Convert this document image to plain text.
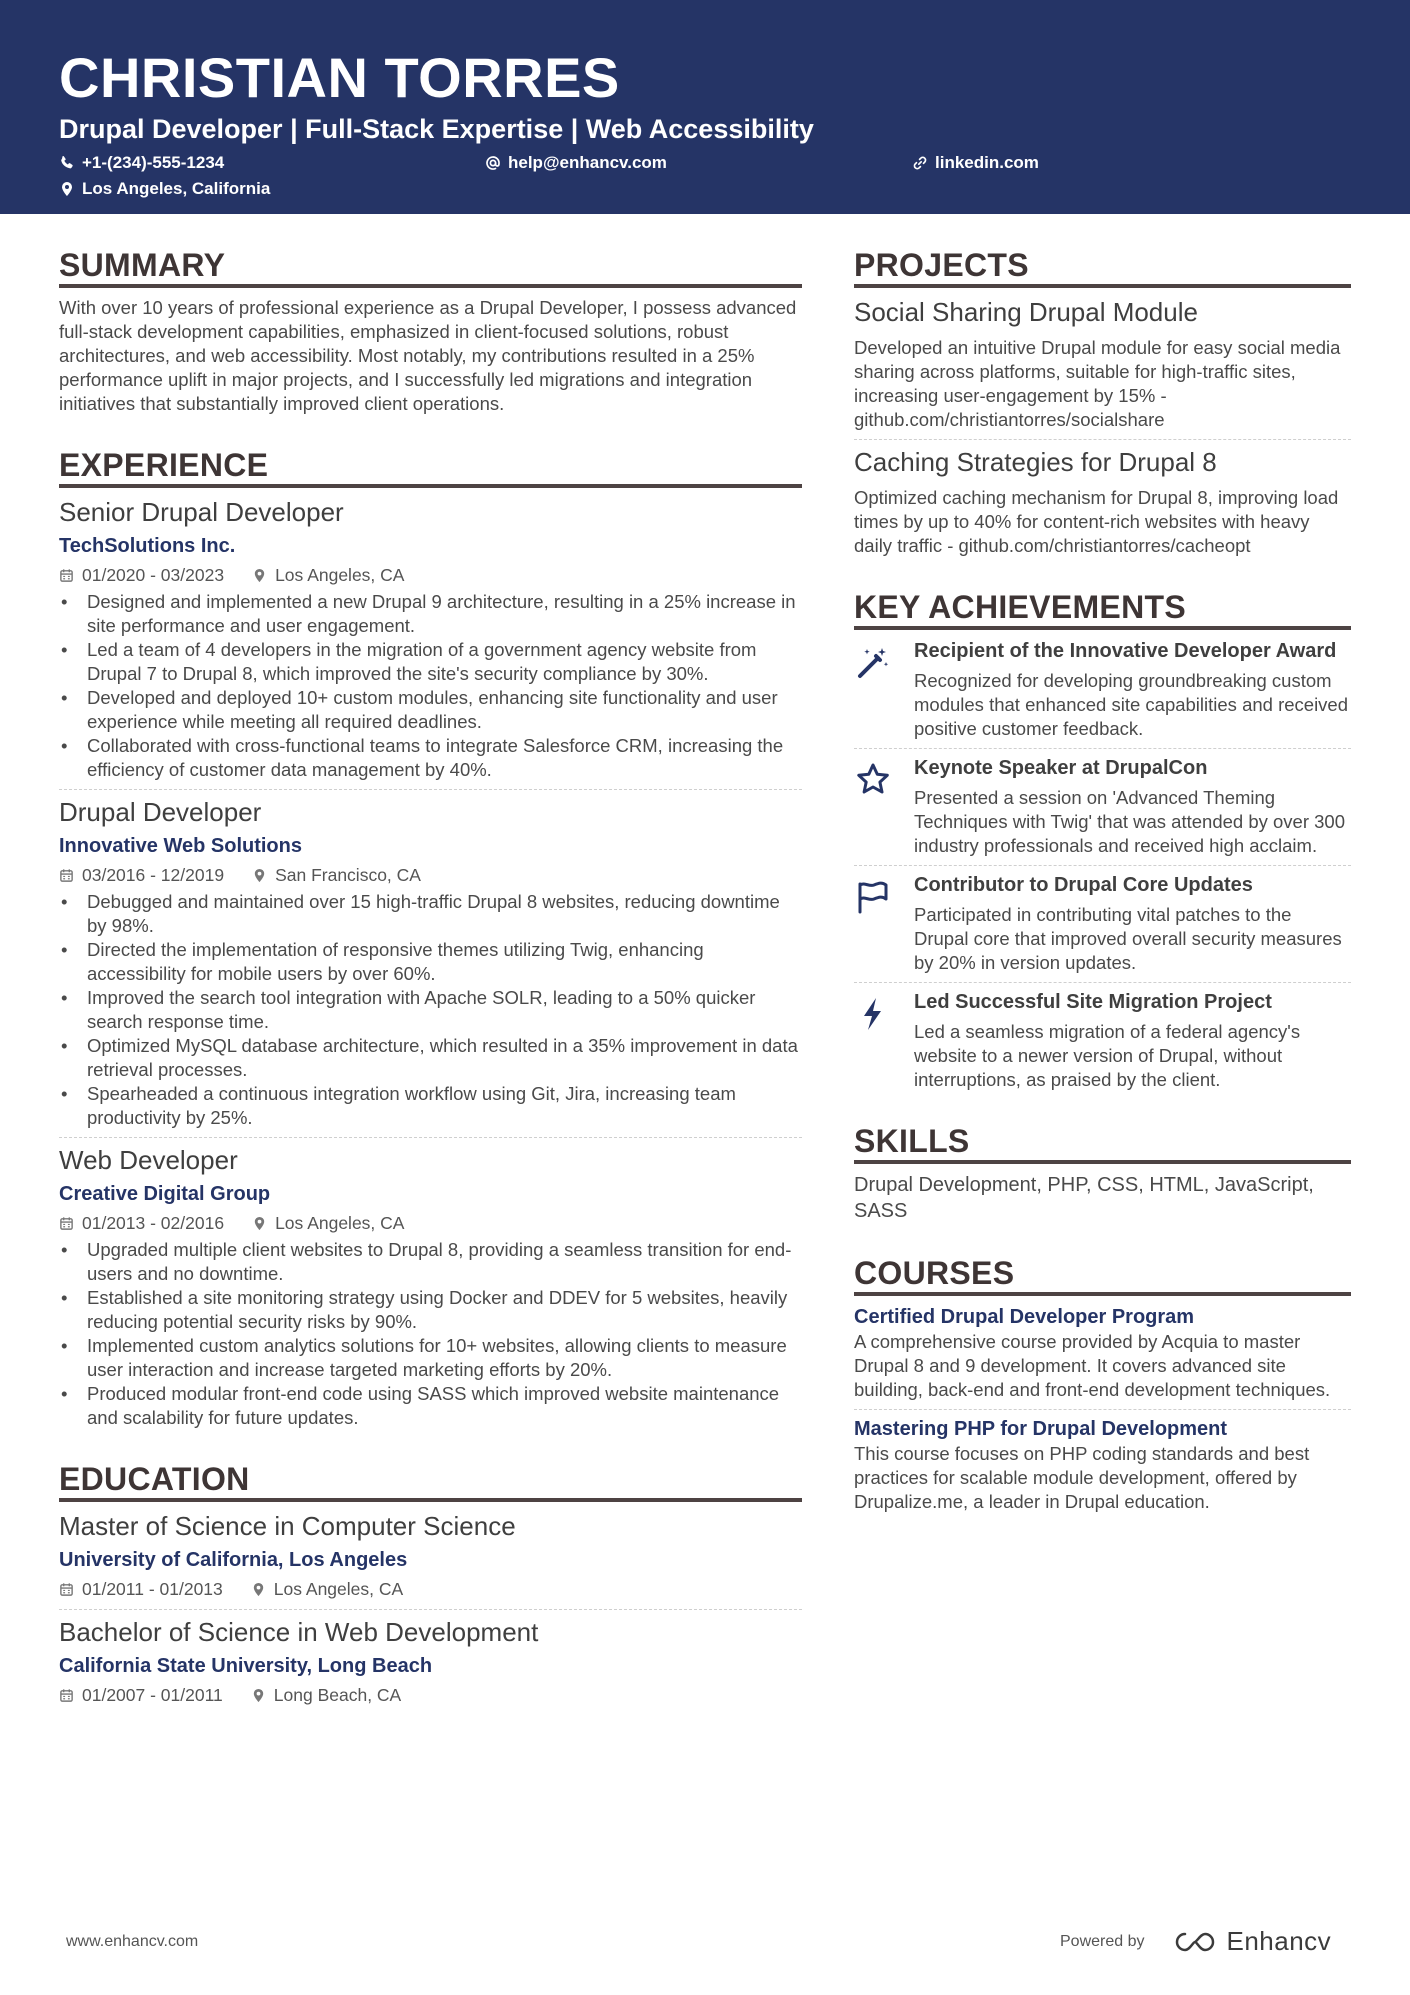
CHRISTIAN TORRES
Drupal Developer | Full-Stack Expertise | Web Accessibility
+1-(234)-555-1234	help@enhancv.com	linkedin.com
Los Angeles, California
SUMMARY
With over 10 years of professional experience as a Drupal Developer, I possess advanced full-stack development capabilities, emphasized in client-focused solutions, robust architectures, and web accessibility. Most notably, my contributions resulted in a 25% performance uplift in major projects, and I successfully led migrations and integration initiatives that substantially improved client operations.
EXPERIENCE
Senior Drupal Developer
TechSolutions Inc.
01/2020 - 03/2023	Los Angeles, CA
• Designed and implemented a new Drupal 9 architecture, resulting in a 25% increase in site performance and user engagement.
• Led a team of 4 developers in the migration of a government agency website from Drupal 7 to Drupal 8, which improved the site's security compliance by 30%.
• Developed and deployed 10+ custom modules, enhancing site functionality and user experience while meeting all required deadlines.
• Collaborated with cross-functional teams to integrate Salesforce CRM, increasing the efficiency of customer data management by 40%.
Drupal Developer
Innovative Web Solutions
03/2016 - 12/2019	San Francisco, CA
• Debugged and maintained over 15 high-traffic Drupal 8 websites, reducing downtime by 98%.
• Directed the implementation of responsive themes utilizing Twig, enhancing accessibility for mobile users by over 60%.
• Improved the search tool integration with Apache SOLR, leading to a 50% quicker search response time.
• Optimized MySQL database architecture, which resulted in a 35% improvement in data retrieval processes.
• Spearheaded a continuous integration workflow using Git, Jira, increasing team productivity by 25%.
Web Developer
Creative Digital Group
01/2013 - 02/2016	Los Angeles, CA
• Upgraded multiple client websites to Drupal 8, providing a seamless transition for end-users and no downtime.
• Established a site monitoring strategy using Docker and DDEV for 5 websites, heavily reducing potential security risks by 90%.
• Implemented custom analytics solutions for 10+ websites, allowing clients to measure user interaction and increase targeted marketing efforts by 20%.
• Produced modular front-end code using SASS which improved website maintenance and scalability for future updates.
EDUCATION
Master of Science in Computer Science
University of California, Los Angeles
01/2011 - 01/2013	Los Angeles, CA
Bachelor of Science in Web Development
California State University, Long Beach
01/2007 - 01/2011	Long Beach, CA
PROJECTS
Social Sharing Drupal Module
Developed an intuitive Drupal module for easy social media sharing across platforms, suitable for high-traffic sites, increasing user-engagement by 15% - github.com/christiantorres/socialshare
Caching Strategies for Drupal 8
Optimized caching mechanism for Drupal 8, improving load times by up to 40% for content-rich websites with heavy daily traffic - github.com/christiantorres/cacheopt
KEY ACHIEVEMENTS
Recipient of the Innovative Developer Award
Recognized for developing groundbreaking custom modules that enhanced site capabilities and received positive customer feedback.
Keynote Speaker at DrupalCon
Presented a session on 'Advanced Theming Techniques with Twig' that was attended by over 300 industry professionals and received high acclaim.
Contributor to Drupal Core Updates
Participated in contributing vital patches to the Drupal core that improved overall security measures by 20% in version updates.
Led Successful Site Migration Project
Led a seamless migration of a federal agency's website to a newer version of Drupal, without interruptions, as praised by the client.
SKILLS
Drupal Development, PHP, CSS, HTML, JavaScript, SASS
COURSES
Certified Drupal Developer Program
A comprehensive course provided by Acquia to master Drupal 8 and 9 development. It covers advanced site building, back-end and front-end development techniques.
Mastering PHP for Drupal Development
This course focuses on PHP coding standards and best practices for scalable module development, offered by Drupalize.me, a leader in Drupal education.
www.enhancv.com	Powered by	Enhancv
